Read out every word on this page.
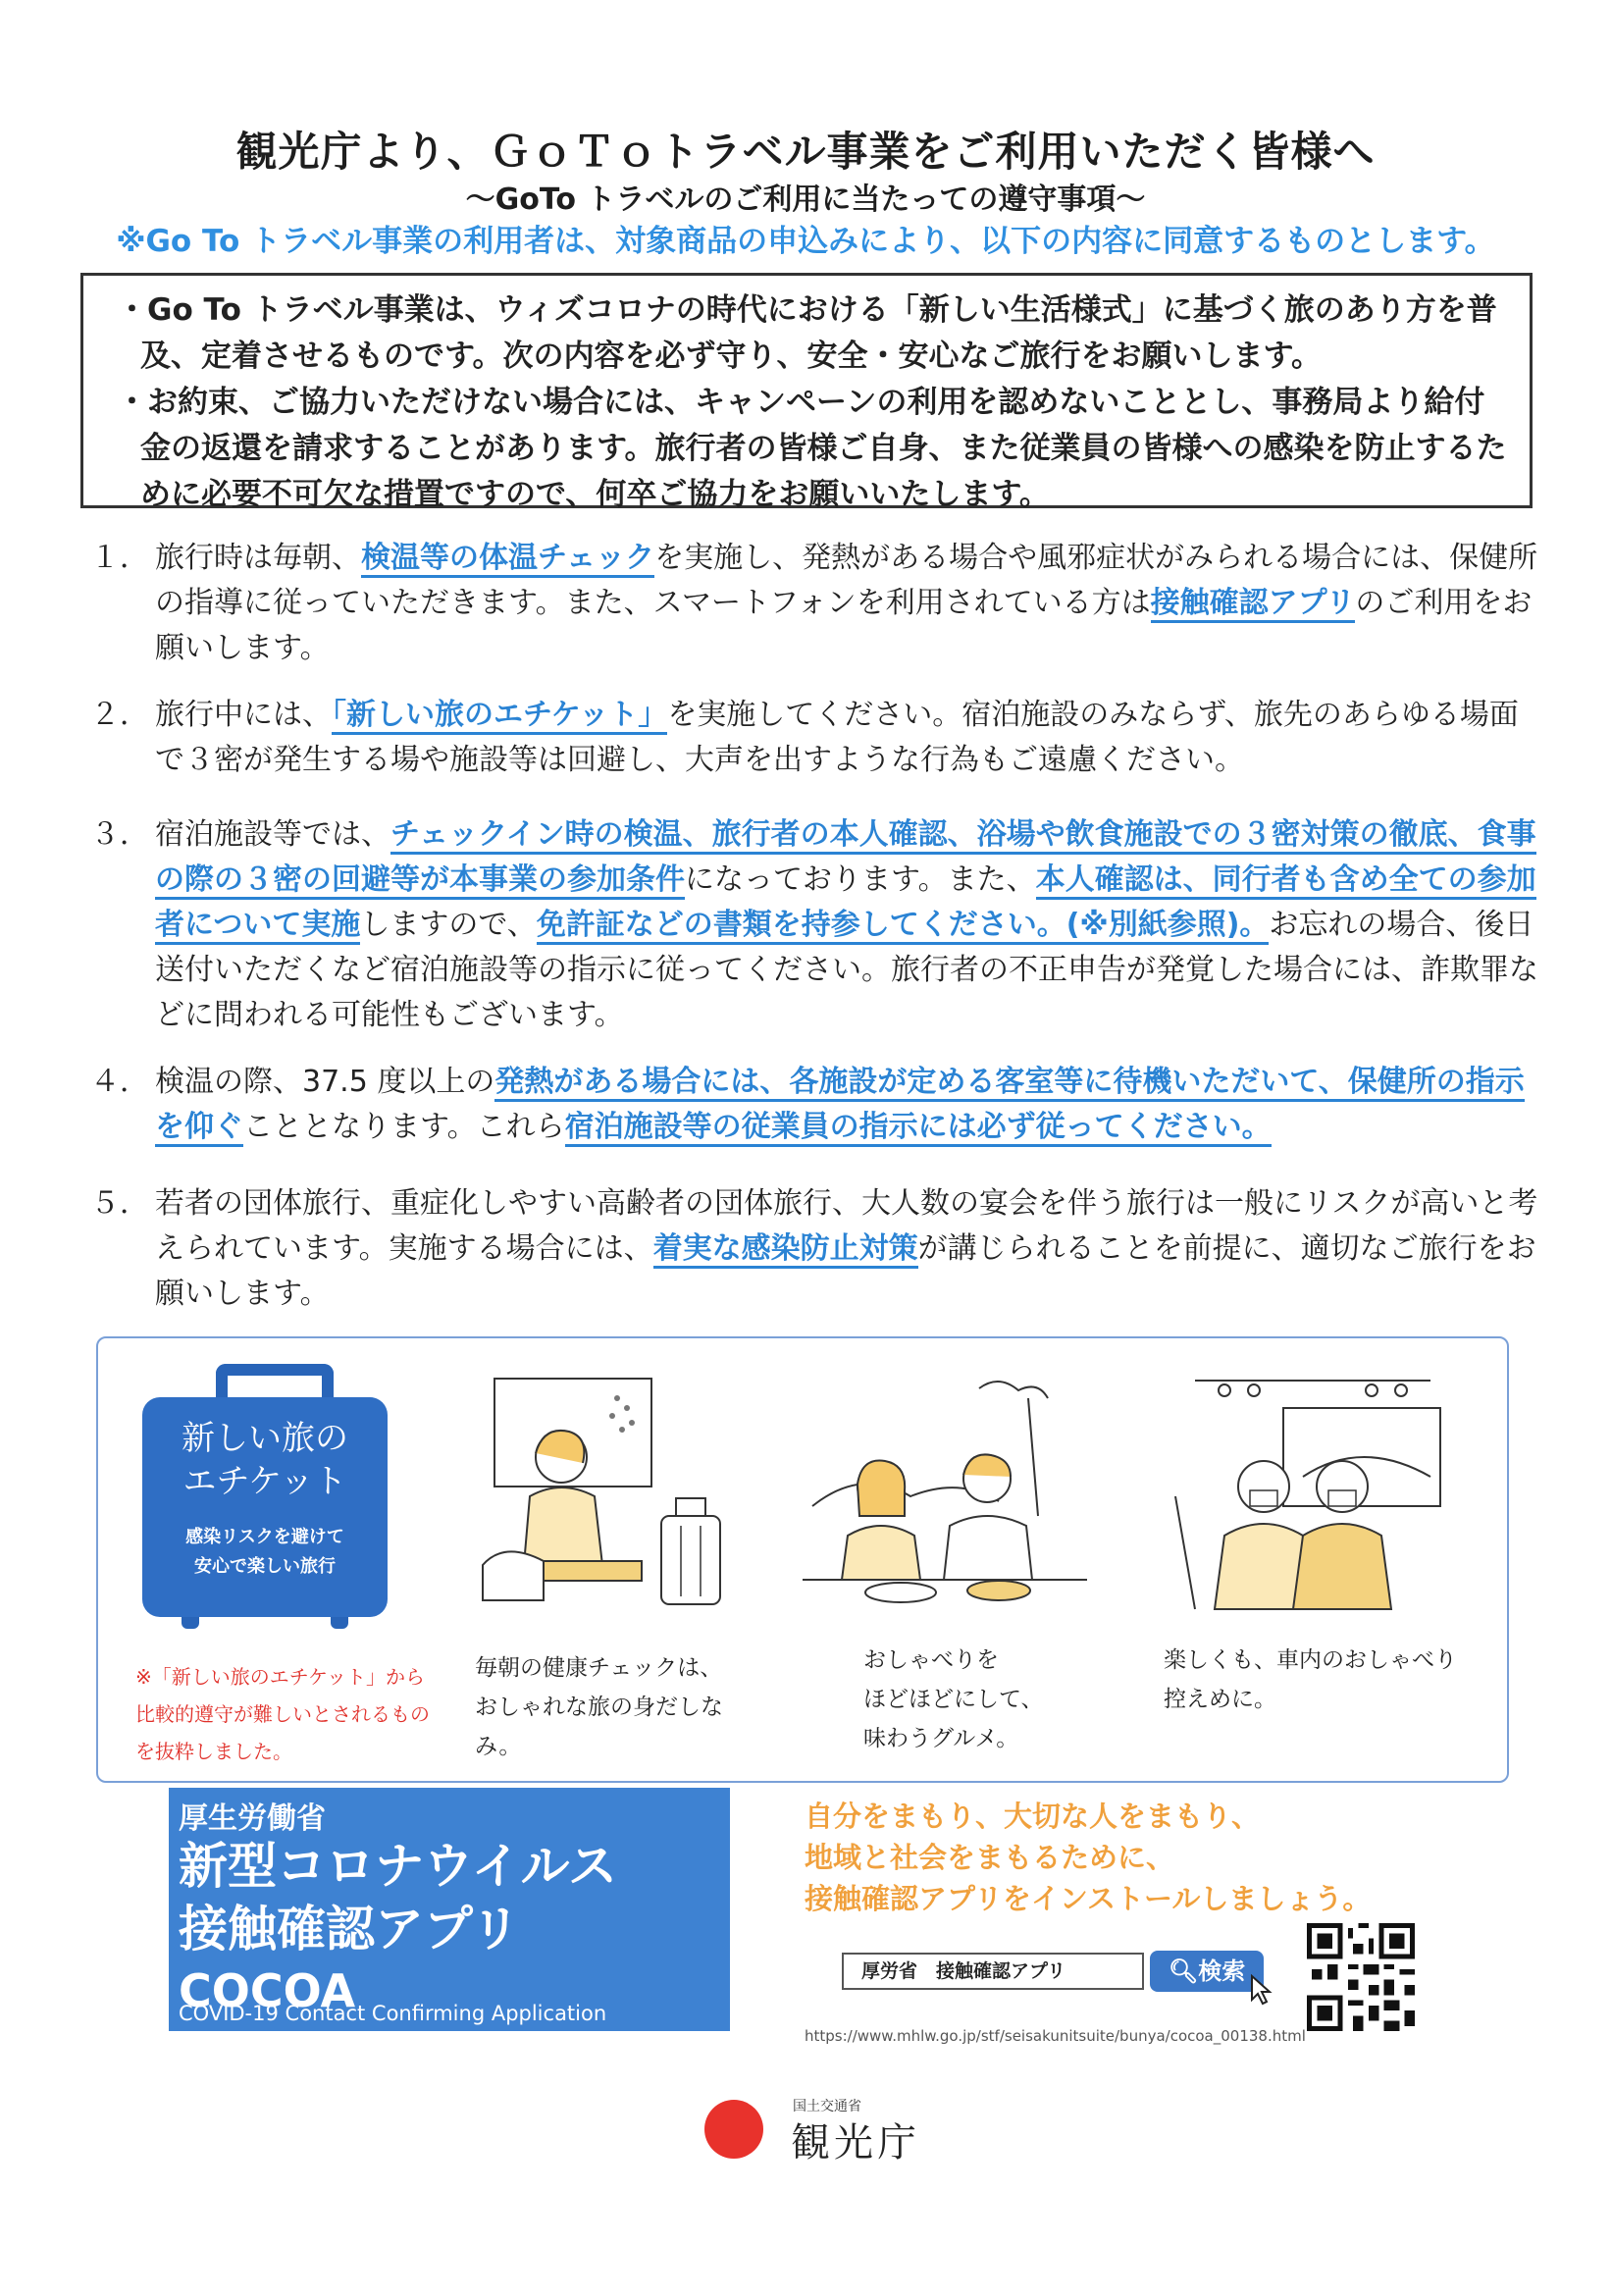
観光庁より、ＧｏＴｏトラベル事業をご利用いただく皆様へ
～GoTo トラベルのご利用に当たっての遵守事項～
※Go To トラベル事業の利用者は、対象商品の申込みにより、以下の内容に同意するものとします。

・Go To トラベル事業は、ウィズコロナの時代における「新しい生活様式」に基づく旅のあり方を普及、定着させるものです。次の内容を必ず守り、安全・安心なご旅行をお願いします。

・お約束、ご協力いただけない場合には、キャンペーンの利用を認めないこととし、事務局より給付金の返還を請求することがあります。旅行者の皆様ご自身、また従業員の皆様への感染を防止するために必要不可欠な措置ですので、何卒ご協力をお願いいたします。

１． 旅行時は毎朝、検温等の体温チェックを実施し、発熱がある場合や風邪症状がみられる場合には、保健所の指導に従っていただきます。また、スマートフォンを利用されている方は接触確認アプリのご利用をお願いします。
２． 旅行中には、「新しい旅のエチケット」を実施してください。宿泊施設のみならず、旅先のあらゆる場面で３密が発生する場や施設等は回避し、大声を出すような行為もご遠慮ください。
３． 宿泊施設等では、チェックイン時の検温、旅行者の本人確認、浴場や飲食施設での３密対策の徹底、食事の際の３密の回避等が本事業の参加条件になっております。また、本人確認は、同行者も含め全ての参加者について実施しますので、免許証などの書類を持参してください。(※別紙参照)。お忘れの場合、後日送付いただくなど宿泊施設等の指示に従ってください。旅行者の不正申告が発覚した場合には、詐欺罪などに問われる可能性もございます。
４． 検温の際、37.5 度以上の発熱がある場合には、各施設が定める客室等に待機いただいて、保健所の指示を仰ぐこととなります。これら宿泊施設等の従業員の指示には必ず従ってください。
５． 若者の団体旅行、重症化しやすい高齢者の団体旅行、大人数の宴会を伴う旅行は一般にリスクが高いと考えられています。実施する場合には、着実な感染防止対策が講じられることを前提に、適切なご旅行をお願いします。
新しい旅の
エチケット
感染リスクを避けて
安心で楽しい旅行
※「新しい旅のエチケット」から比較的遵守が難しいとされるものを抜粋しました。
毎朝の健康チェックは、
おしゃれな旅の身だしなみ。
おしゃべりを
ほどほどにして、
味わうグルメ。
楽しくも、車内のおしゃべり
控えめに。
厚生労働省
新型コロナウイルス
接触確認アプリ
COCOA
COVID-19 Contact Confirming Application
自分をまもり、大切な人をまもり、
地域と社会をまもるために、
接触確認アプリをインストールしましょう。
厚労省　接触確認アプリ	🔍︎検索
https://www.mhlw.go.jp/stf/seisakunitsuite/bunya/cocoa_00138.html
国土交通省
観光庁
